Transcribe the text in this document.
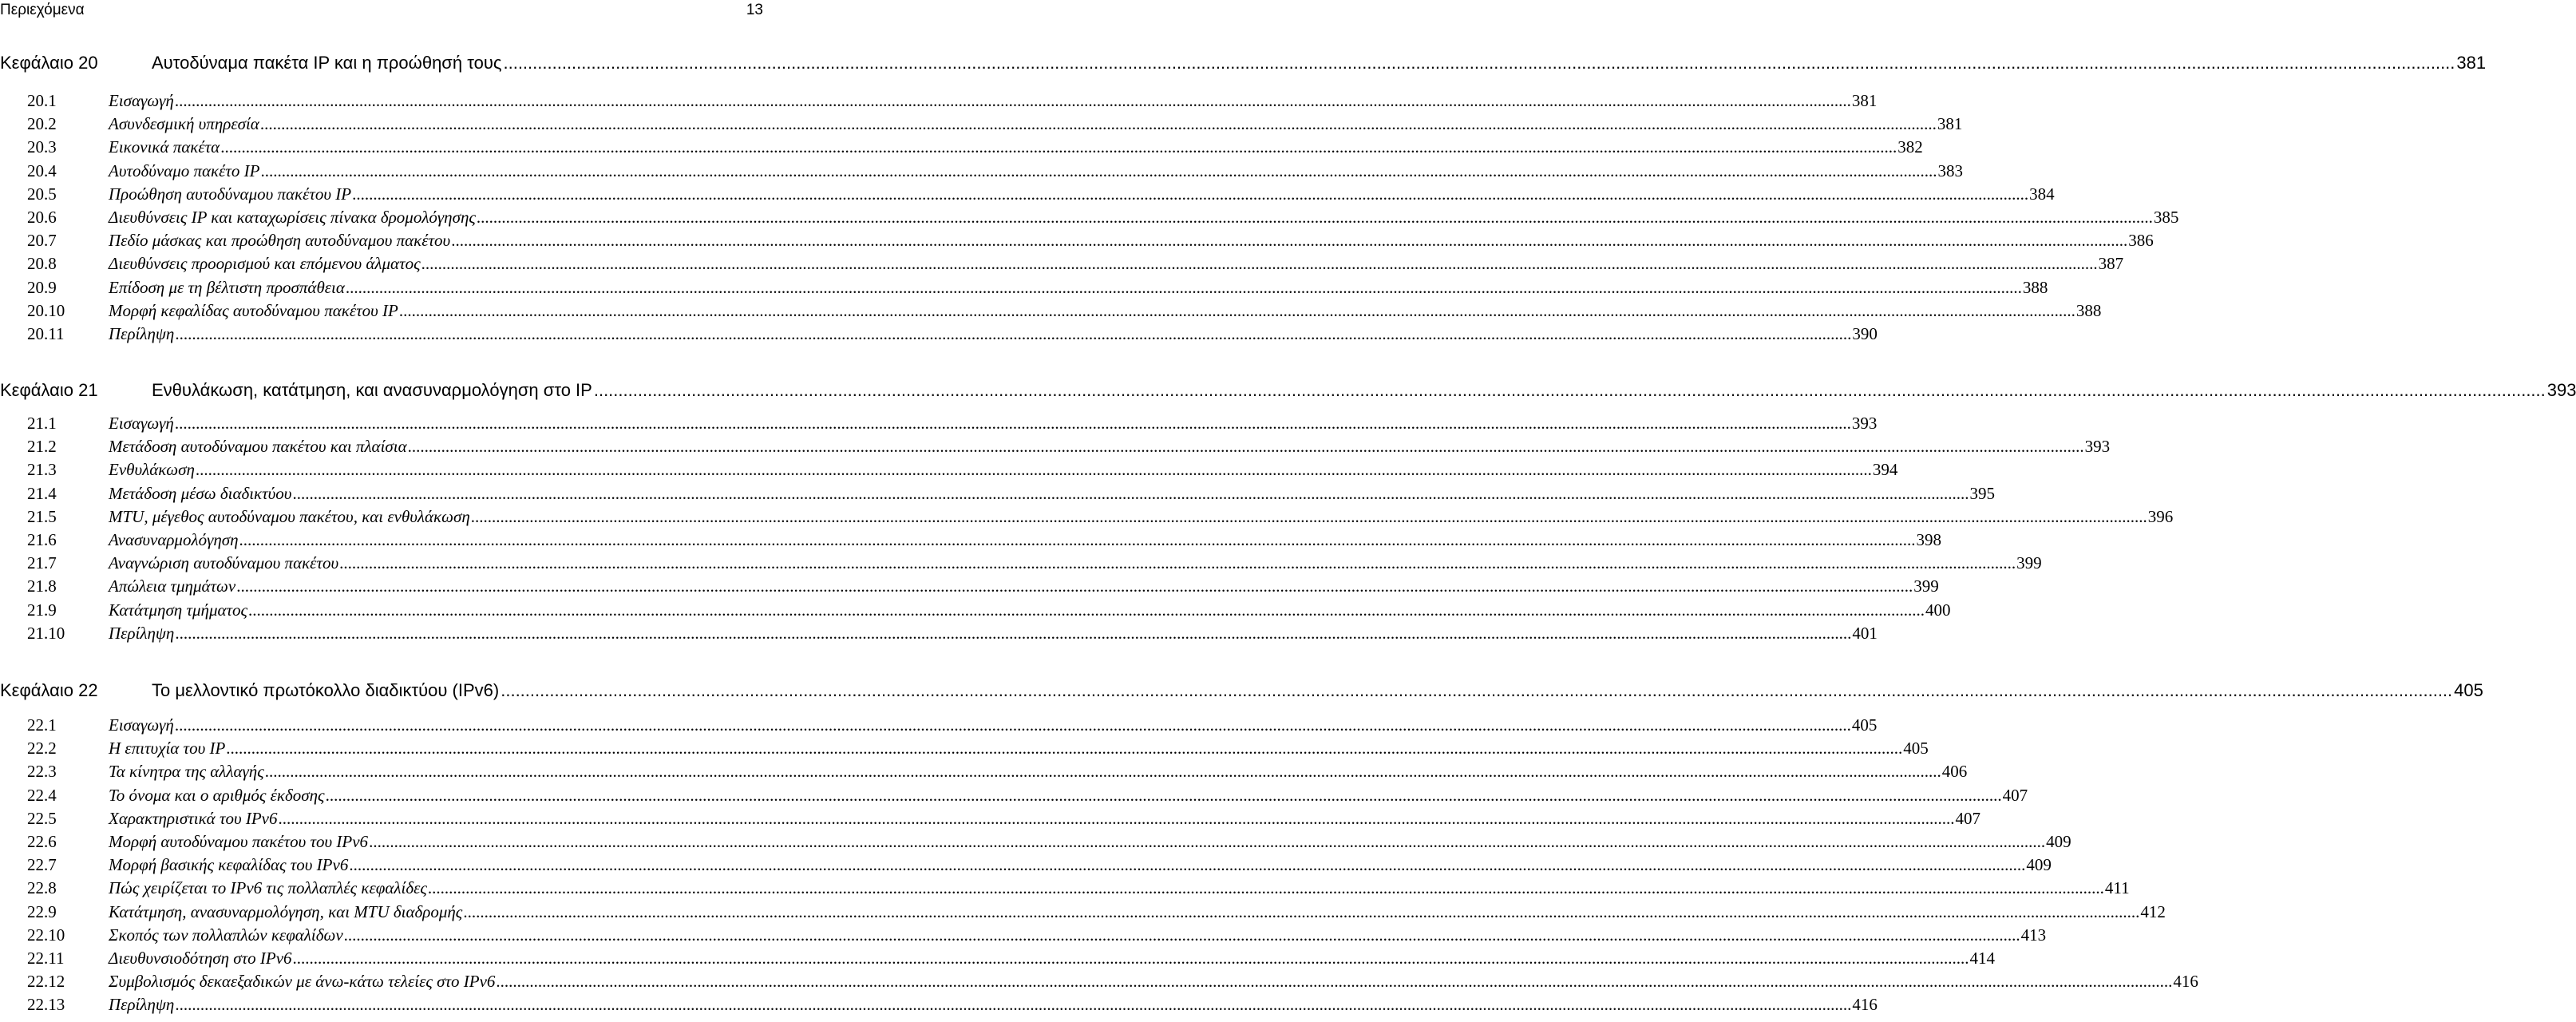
Περιεχόμενα	13
Κεφάλαιο 20	Αυτοδύναμα πακέτα IP και η προώθησή τους ................................................................................................................................................................................................................................................................................................................................................................................................................ 381
20.1	Εισαγωγή ................................................................................................................................................................................................................................................................................................................................................................................................................ 381
20.2	Ασυνδεσμική υπηρεσία ................................................................................................................................................................................................................................................................................................................................................................................................................ 381
20.3	Εικονικά πακέτα ................................................................................................................................................................................................................................................................................................................................................................................................................ 382
20.4	Αυτοδύναμο πακέτο IP ................................................................................................................................................................................................................................................................................................................................................................................................................ 383
20.5	Προώθηση αυτοδύναμου πακέτου IP ................................................................................................................................................................................................................................................................................................................................................................................................................ 384
20.6	Διευθύνσεις IP και καταχωρίσεις πίνακα δρομολόγησης ................................................................................................................................................................................................................................................................................................................................................................................................................ 385
20.7	Πεδίο μάσκας και προώθηση αυτοδύναμου πακέτου ................................................................................................................................................................................................................................................................................................................................................................................................................ 386
20.8	Διευθύνσεις προορισμού και επόμενου άλματος ................................................................................................................................................................................................................................................................................................................................................................................................................ 387
20.9	Επίδοση με τη βέλτιστη προσπάθεια ................................................................................................................................................................................................................................................................................................................................................................................................................ 388
20.10	Μορφή κεφαλίδας αυτοδύναμου πακέτου IP ................................................................................................................................................................................................................................................................................................................................................................................................................ 388
20.11	Περίληψη ................................................................................................................................................................................................................................................................................................................................................................................................................ 390
Κεφάλαιο 21	Ενθυλάκωση, κατάτμηση, και ανασυναρμολόγηση στο IP ................................................................................................................................................................................................................................................................................................................................................................................................................ 393
21.1	Εισαγωγή ................................................................................................................................................................................................................................................................................................................................................................................................................ 393
21.2	Μετάδοση αυτοδύναμου πακέτου και πλαίσια ................................................................................................................................................................................................................................................................................................................................................................................................................ 393
21.3	Ενθυλάκωση ................................................................................................................................................................................................................................................................................................................................................................................................................ 394
21.4	Μετάδοση μέσω διαδικτύου ................................................................................................................................................................................................................................................................................................................................................................................................................ 395
21.5	MTU, μέγεθος αυτοδύναμου πακέτου, και ενθυλάκωση ................................................................................................................................................................................................................................................................................................................................................................................................................ 396
21.6	Ανασυναρμολόγηση ................................................................................................................................................................................................................................................................................................................................................................................................................ 398
21.7	Αναγνώριση αυτοδύναμου πακέτου ................................................................................................................................................................................................................................................................................................................................................................................................................ 399
21.8	Απώλεια τμημάτων ................................................................................................................................................................................................................................................................................................................................................................................................................ 399
21.9	Κατάτμηση τμήματος ................................................................................................................................................................................................................................................................................................................................................................................................................ 400
21.10	Περίληψη ................................................................................................................................................................................................................................................................................................................................................................................................................ 401
Κεφάλαιο 22	Το μελλοντικό πρωτόκολλο διαδικτύου (IPv6) ................................................................................................................................................................................................................................................................................................................................................................................................................ 405
22.1	Εισαγωγή ................................................................................................................................................................................................................................................................................................................................................................................................................ 405
22.2	Η επιτυχία του IP ................................................................................................................................................................................................................................................................................................................................................................................................................ 405
22.3	Τα κίνητρα της αλλαγής ................................................................................................................................................................................................................................................................................................................................................................................................................ 406
22.4	Το όνομα και ο αριθμός έκδοσης ................................................................................................................................................................................................................................................................................................................................................................................................................ 407
22.5	Χαρακτηριστικά του IPv6 ................................................................................................................................................................................................................................................................................................................................................................................................................ 407
22.6	Μορφή αυτοδύναμου πακέτου του IPv6 ................................................................................................................................................................................................................................................................................................................................................................................................................ 409
22.7	Μορφή βασικής κεφαλίδας του IPv6 ................................................................................................................................................................................................................................................................................................................................................................................................................ 409
22.8	Πώς χειρίζεται το IPv6 τις πολλαπλές κεφαλίδες ................................................................................................................................................................................................................................................................................................................................................................................................................ 411
22.9	Κατάτμηση, ανασυναρμολόγηση, και MTU διαδρομής ................................................................................................................................................................................................................................................................................................................................................................................................................ 412
22.10	Σκοπός των πολλαπλών κεφαλίδων ................................................................................................................................................................................................................................................................................................................................................................................................................ 413
22.11	Διευθυνσιοδότηση στο IPv6 ................................................................................................................................................................................................................................................................................................................................................................................................................ 414
22.12	Συμβολισμός δεκαεξαδικών με άνω-κάτω τελείες στο IPv6 ................................................................................................................................................................................................................................................................................................................................................................................................................ 416
22.13	Περίληψη ................................................................................................................................................................................................................................................................................................................................................................................................................ 416
